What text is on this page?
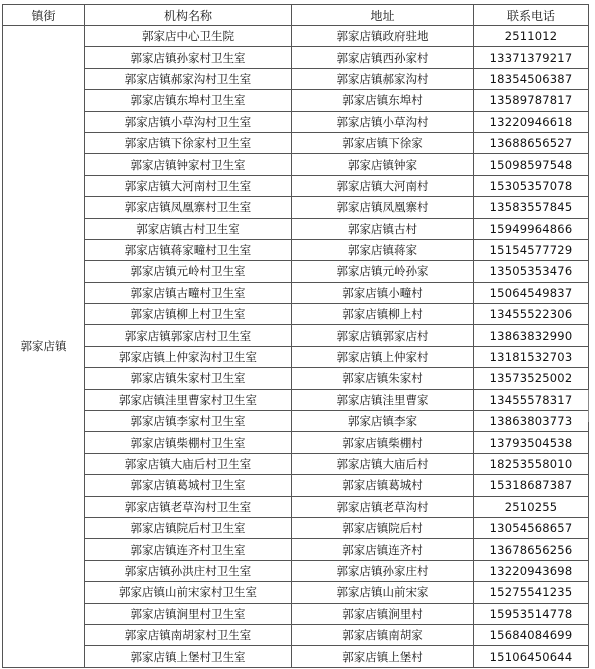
镇街	机构名称	地址	联系电话
郭家店镇	郭家店中心卫生院	郭家店镇政府驻地	2511012
	郭家店镇孙家村卫生室	郭家店镇西孙家村	13371379217
	郭家店镇郝家沟村卫生室	郭家店镇郝家沟村	18354506387
	郭家店镇东埠村卫生室	郭家店镇东埠村	13589787817
	郭家店镇小草沟村卫生室	郭家店镇小草沟村	13220946618
	郭家店镇下徐家村卫生室	郭家店镇下徐家	13688656527
	郭家店镇钟家村卫生室	郭家店镇钟家	15098597548
	郭家店镇大河南村卫生室	郭家店镇大河南村	15305357078
	郭家店镇凤凰寨村卫生室	郭家店镇凤凰寨村	13583557845
	郭家店镇古村卫生室	郭家店镇古村	15949964866
	郭家店镇蒋家疃村卫生室	郭家店镇蒋家	15154577729
	郭家店镇元岭村卫生室	郭家店镇元岭孙家	13505353476
	郭家店镇古疃村卫生室	郭家店镇小疃村	15064549837
	郭家店镇柳上村卫生室	郭家店镇柳上村	13455522306
	郭家店镇郭家店村卫生室	郭家店镇郭家店村	13863832990
	郭家店镇上仲家沟村卫生室	郭家店镇上仲家村	13181532703
	郭家店镇朱家村卫生室	郭家店镇朱家村	13573525002
	郭家店镇洼里曹家村卫生室	郭家店镇洼里曹家	13455578317
	郭家店镇李家村卫生室	郭家店镇李家	13863803773
	郭家店镇柴棚村卫生室	郭家店镇柴棚村	13793504538
	郭家店镇大庙后村卫生室	郭家店镇大庙后村	18253558010
	郭家店镇葛城村卫生室	郭家店镇葛城村	15318687387
	郭家店镇老草沟村卫生室	郭家店镇老草沟村	2510255
	郭家店镇院后村卫生室	郭家店镇院后村	13054568657
	郭家店镇连齐村卫生室	郭家店镇连齐村	13678656256
	郭家店镇孙洪庄村卫生室	郭家店镇孙家庄村	13220943698
	郭家店镇山前宋家村卫生室	郭家店镇山前宋家	15275541235
	郭家店镇涧里村卫生室	郭家店镇涧里村	15953514778
	郭家店镇南胡家村卫生室	郭家店镇南胡家	15684084699
	郭家店镇上堡村卫生室	郭家店镇上堡村	15106450644
